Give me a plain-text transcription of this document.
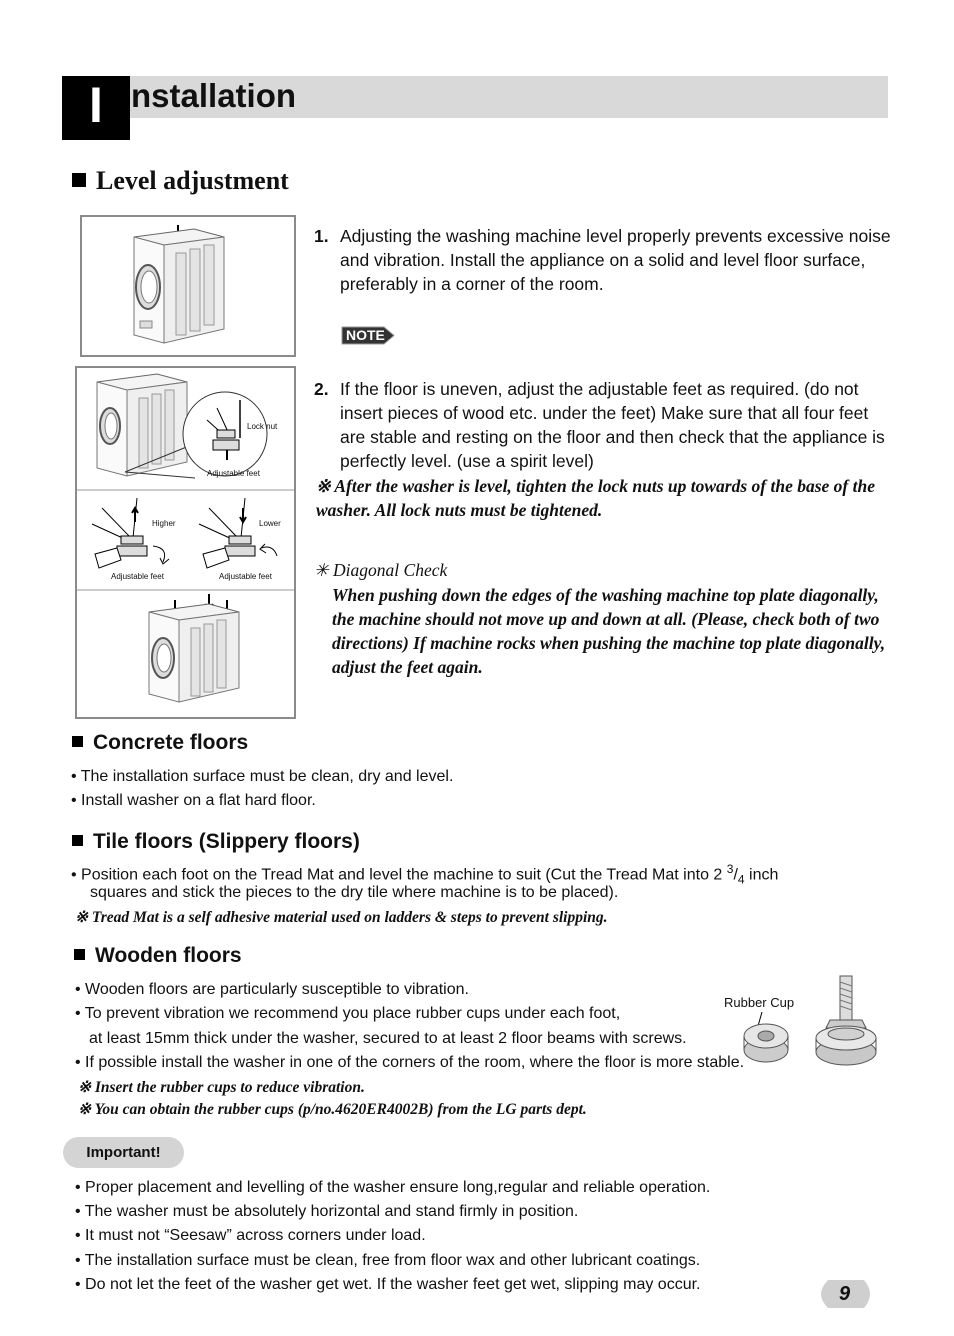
I nstallation
Level adjustment
Lock nut
Adjustable feet
Higher	Lower
Adjustable feet	Adjustable feet
1. Adjusting the washing machine level properly prevents excessive noise and vibration. Install the appliance on a solid and level floor surface, preferably in a corner of the room.
NOTE
2. If the floor is uneven, adjust the adjustable feet as required. (do not insert pieces of wood etc. under the feet) Make sure that all four feet are stable and resting on the floor and then check that the appliance is perfectly level. (use a spirit level)
※ After the washer is level, tighten the lock nuts up towards of the base of the washer. All lock nuts must be tightened.
✳ Diagonal Check
When pushing down the edges of the washing machine top plate diagonally, the machine should not move up and down at all. (Please, check both of two directions) If machine rocks when pushing the machine top plate diagonally, adjust the feet again.
Concrete floors
• The installation surface must be clean, dry and level.
• Install washer on a flat hard floor.
Tile floors (Slippery floors)
• Position each foot on the Tread Mat and level the machine to suit (Cut the Tread Mat into 2 $^3/_4$ inch
squares and stick the pieces to the dry tile where machine is to be placed).
※ Tread Mat is a self adhesive material used on ladders & steps to prevent slipping.
Wooden floors
• Wooden floors are particularly susceptible to vibration.
• To prevent vibration we recommend you place rubber cups under each foot,
at least 15mm thick under the washer, secured to at least 2 floor beams with screws.
• If possible install the washer in one of the corners of the room, where the floor is more stable.
※ Insert the rubber cups to reduce vibration.
※ You can obtain the rubber cups (p/no.4620ER4002B) from the LG parts dept.
Rubber Cup
Important!
• Proper placement and levelling of the washer ensure long,regular and reliable operation.
• The washer must be absolutely horizontal and stand firmly in position.
• It must not “Seesaw” across corners under load.
• The installation surface must be clean, free from floor wax and other lubricant coatings.
• Do not let the feet of the washer get wet. If the washer feet get wet, slipping may occur.	9
